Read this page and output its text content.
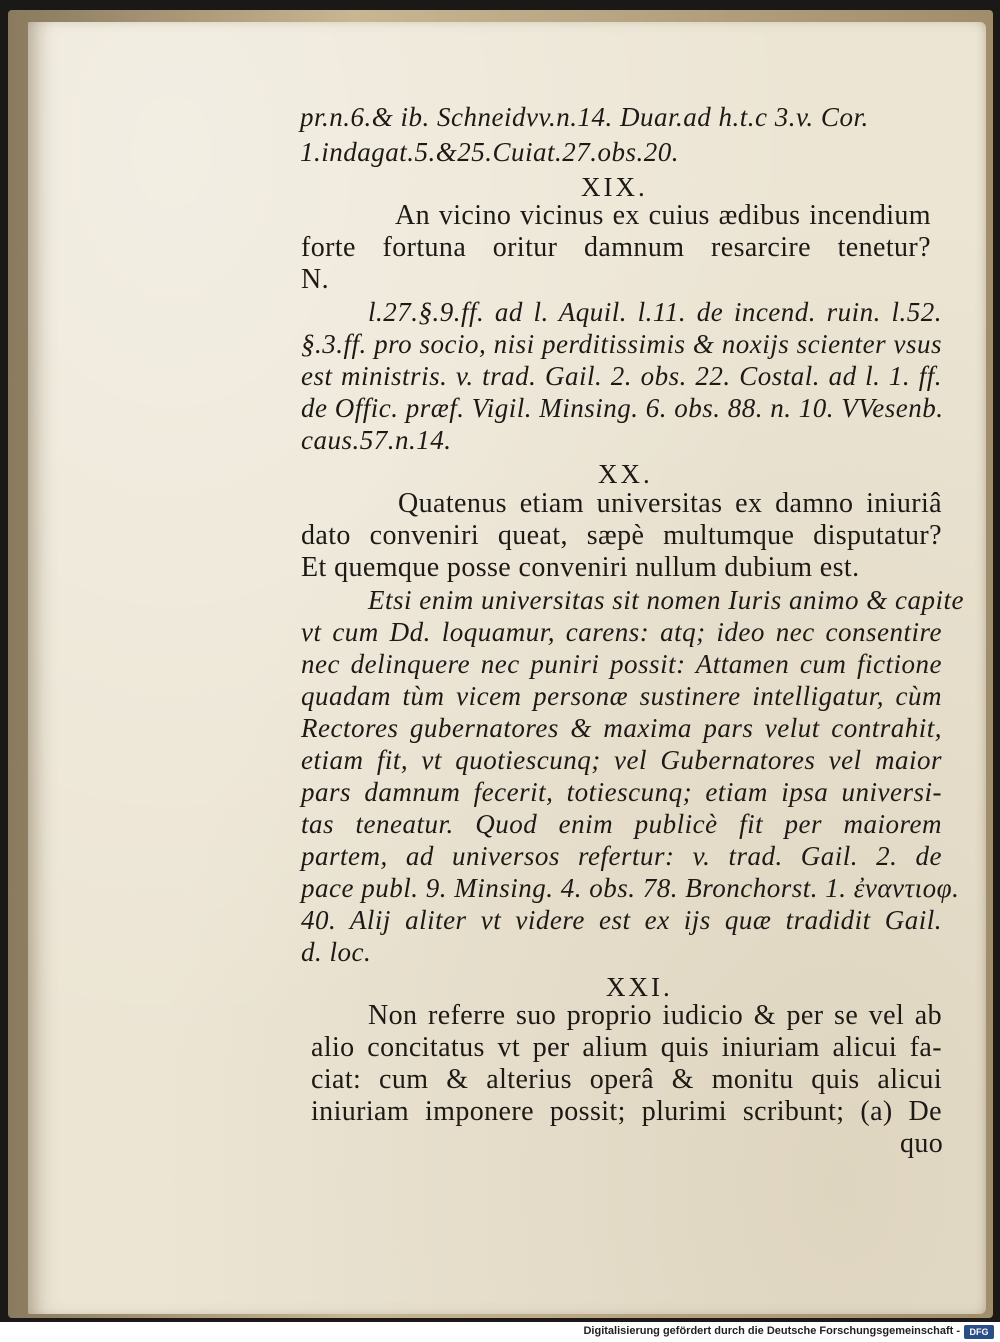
pr.n.6.& ib. Schneidvv.n.14. Duar.ad h.t.c 3.v. Cor.
1.indagat.5.&25.Cuiat.27.obs.20.
XIX.
An vicino vicinus ex cuius ædibus incendium
forte fortuna oritur damnum resarcire tenetur?
N.
l.27.§.9.ff. ad l. Aquil. l.11. de incend. ruin. l.52.
§.3.ff. pro socio, nisi perditissimis & noxijs scienter vsus
est ministris. v. trad. Gail. 2. obs. 22. Costal. ad l. 1. ff.
de Offic. præf. Vigil. Minsing. 6. obs. 88. n. 10. VVesenb.
caus.57.n.14.
XX.
Quatenus etiam universitas ex damno iniuriâ
dato conveniri queat, sæpè multumque disputatur?
Et quemque posse conveniri nullum dubium est.
Etsi enim universitas sit nomen Iuris animo & capite
vt cum Dd. loquamur, carens: atq; ideo nec consentire
nec delinquere nec puniri possit: Attamen cum fictione
quadam tùm vicem personæ sustinere intelligatur, cùm
Rectores gubernatores & maxima pars velut contrahit,
etiam fit, vt quotiescunq; vel Gubernatores vel maior
pars damnum fecerit, totiescunq; etiam ipsa universi-
tas teneatur. Quod enim publicè fit per maiorem
partem, ad universos refertur: v. trad. Gail. 2. de
pace publ. 9. Minsing. 4. obs. 78. Bronchorst. 1. ἐναντιοφ.
40. Alij aliter vt videre est ex ijs quæ tradidit Gail.
d. loc.
XXI.
Non referre suo proprio iudicio & per se vel ab
alio concitatus vt per alium quis iniuriam alicui fa-
ciat: cum & alterius operâ & monitu quis alicui
iniuriam imponere possit; plurimi scribunt; (a) De
quo
Digitalisierung gefördert durch die Deutsche Forschungsgemeinschaft -	DFG
